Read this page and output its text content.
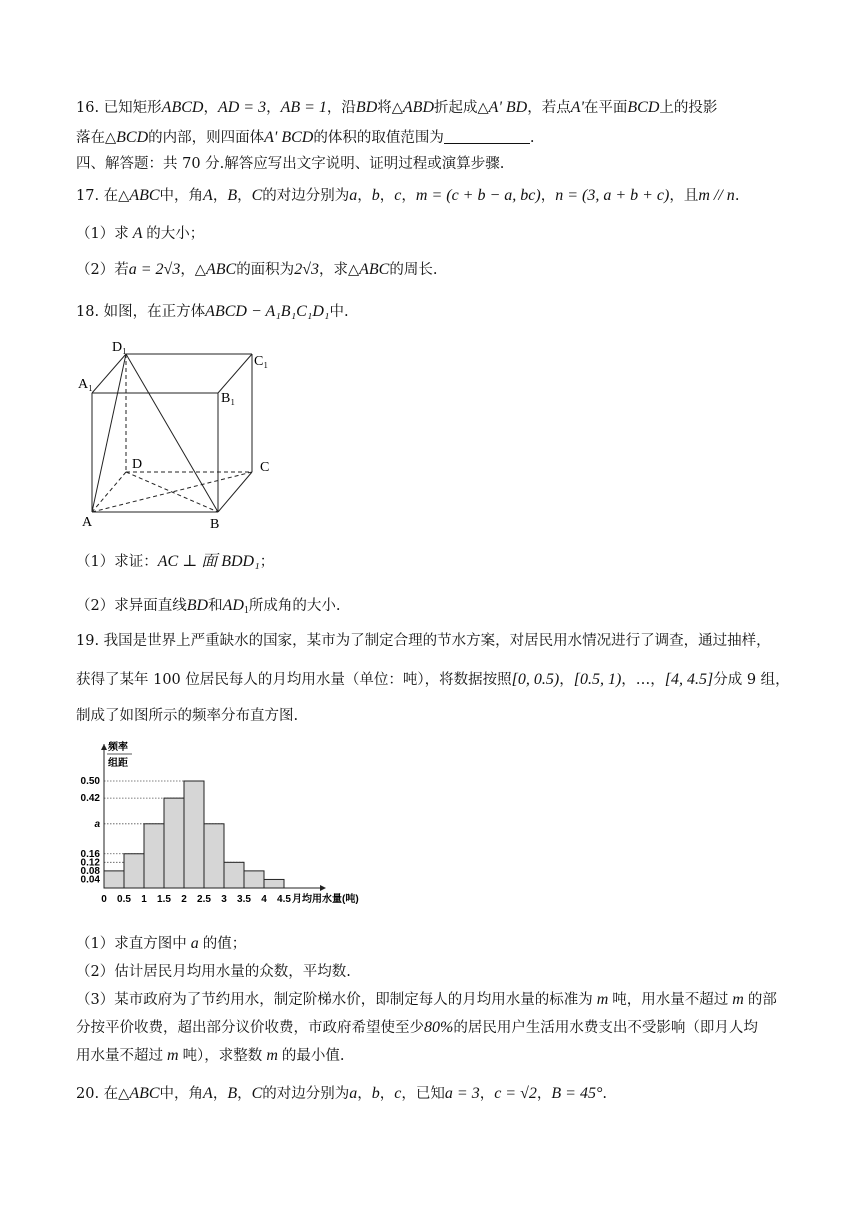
16. 已知矩形ABCD，AD = 3，AB = 1，沿BD将△ABD折起成△A' BD，若点A'在平面BCD上的投影
落在△BCD的内部，则四面体A' BCD的体积的取值范围为	.
四、解答题：共 70 分.解答应写出文字说明、证明过程或演算步骤.
17. 在△ABC中，角A，B，C的对边分别为a，b，c，m = (c + b − a, bc)，n = (3, a + b + c)，且m // n.
（1）求 A 的大小；
（2）若a = 2√3，△ABC的面积为2√3，求△ABC的周长.
18. 如图，在正方体ABCD − A₁B₁C₁D₁中.
D₁
C₁
A₁
B₁
D	C
A	B
（1）求证：AC ⊥ 面 BDD₁；
（2）求异面直线BD和$AD_1$所成角的大小.
19. 我国是世界上严重缺水的国家，某市为了制定合理的节水方案，对居民用水情况进行了调查，通过抽样，
获得了某年 100 位居民每人的月均用水量（单位：吨），将数据按照[0, 0.5)，[0.5, 1)，…，[4, 4.5]分成 9 组，
制成了如图所示的频率分布直方图.
0.04
0.08
0.12
0.16
a
0.42
0.50
0 0.5 1 1.5 2 2.5 3 3.5 4 4.5 月均用水量(吨)
频率
组距
（1）求直方图中 a 的值；
（2）估计居民月均用水量的众数，平均数.
（3）某市政府为了节约用水，制定阶梯水价，即制定每人的月均用水量的标准为 m 吨，用水量不超过 m 的部
分按平价收费，超出部分议价收费，市政府希望使至少80%的居民用户生活用水费支出不受影响（即月人均
用水量不超过 m 吨），求整数 m 的最小值.
20. 在△ABC中，角A，B，C的对边分别为a，b，c，已知a = 3，c = √2，B = 45°.
